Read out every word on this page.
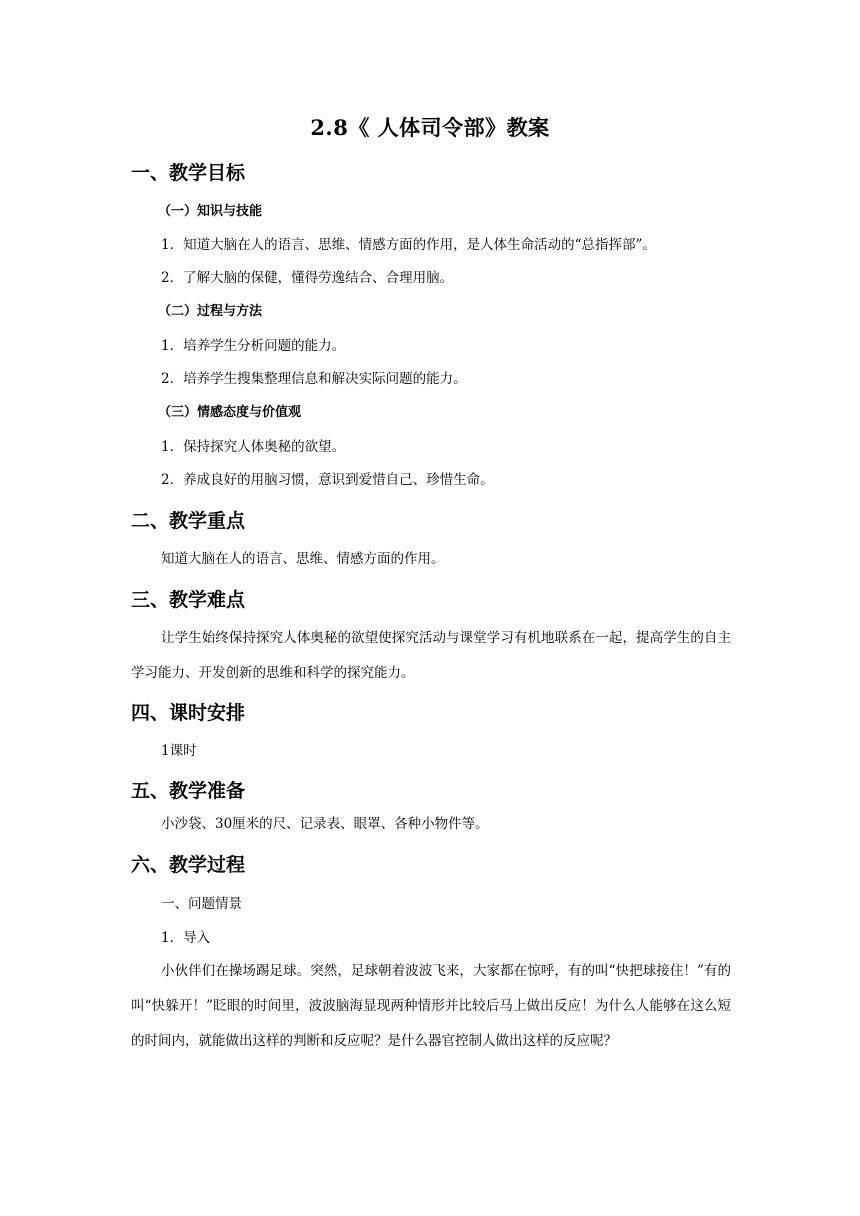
2.8《 人体司令部》教案
一、教学目标
（一）知识与技能
1．知道大脑在人的语言、思维、情感方面的作用，是人体生命活动的“总指挥部”。
2．了解大脑的保健，懂得劳逸结合、合理用脑。
（二）过程与方法
1．培养学生分析问题的能力。
2．培养学生搜集整理信息和解决实际问题的能力。
（三）情感态度与价值观
1．保持探究人体奥秘的欲望。
2．养成良好的用脑习惯，意识到爱惜自己、珍惜生命。
二、教学重点
知道大脑在人的语言、思维、情感方面的作用。
三、教学难点
让学生始终保持探究人体奥秘的欲望使探究活动与课堂学习有机地联系在一起，提高学生的自主学习能力、开发创新的思维和科学的探究能力。
四、课时安排
1课时
五、教学准备
小沙袋、30厘米的尺、记录表、眼罩、各种小物件等。
六、教学过程
一、问题情景
1．导入
小伙伴们在操场踢足球。突然，足球朝着波波飞来，大家都在惊呼，有的叫“快把球接住！”有的叫“快躲开！”眨眼的时间里，波波脑海显现两种情形并比较后马上做出反应！为什么人能够在这么短的时间内，就能做出这样的判断和反应呢？是什么器官控制人做出这样的反应呢？
